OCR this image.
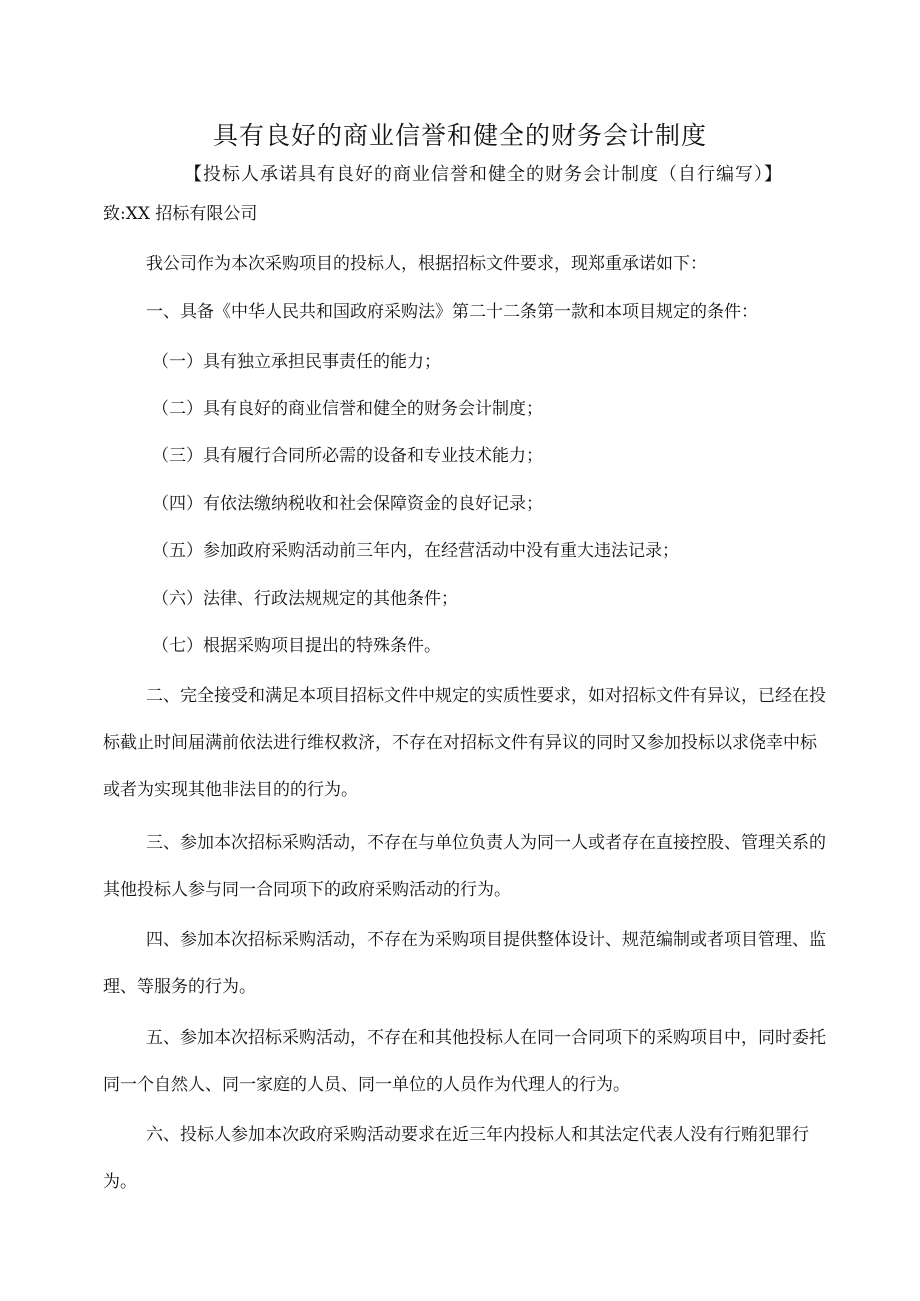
具有良好的商业信誉和健全的财务会计制度
【投标人承诺具有良好的商业信誉和健全的财务会计制度（自行编写）】
致:XX 招标有限公司

我公司作为本次采购项目的投标人，根据招标文件要求，现郑重承诺如下：

一、具备《中华人民共和国政府采购法》第二十二条第一款和本项目规定的条件：

（一）具有独立承担民事责任的能力；
（二）具有良好的商业信誉和健全的财务会计制度；
（三）具有履行合同所必需的设备和专业技术能力；
（四）有依法缴纳税收和社会保障资金的良好记录；
（五）参加政府采购活动前三年内，在经营活动中没有重大违法记录；
（六）法律、行政法规规定的其他条件；
（七）根据采购项目提出的特殊条件。

二、完全接受和满足本项目招标文件中规定的实质性要求，如对招标文件有异议，已经在投标截止时间届满前依法进行维权救济，不存在对招标文件有异议的同时又参加投标以求侥幸中标或者为实现其他非法目的的行为。

三、参加本次招标采购活动，不存在与单位负责人为同一人或者存在直接控股、管理关系的其他投标人参与同一合同项下的政府采购活动的行为。

四、参加本次招标采购活动，不存在为采购项目提供整体设计、规范编制或者项目管理、监理、等服务的行为。

五、参加本次招标采购活动，不存在和其他投标人在同一合同项下的采购项目中，同时委托同一个自然人、同一家庭的人员、同一单位的人员作为代理人的行为。

六、投标人参加本次政府采购活动要求在近三年内投标人和其法定代表人没有行贿犯罪行为。
